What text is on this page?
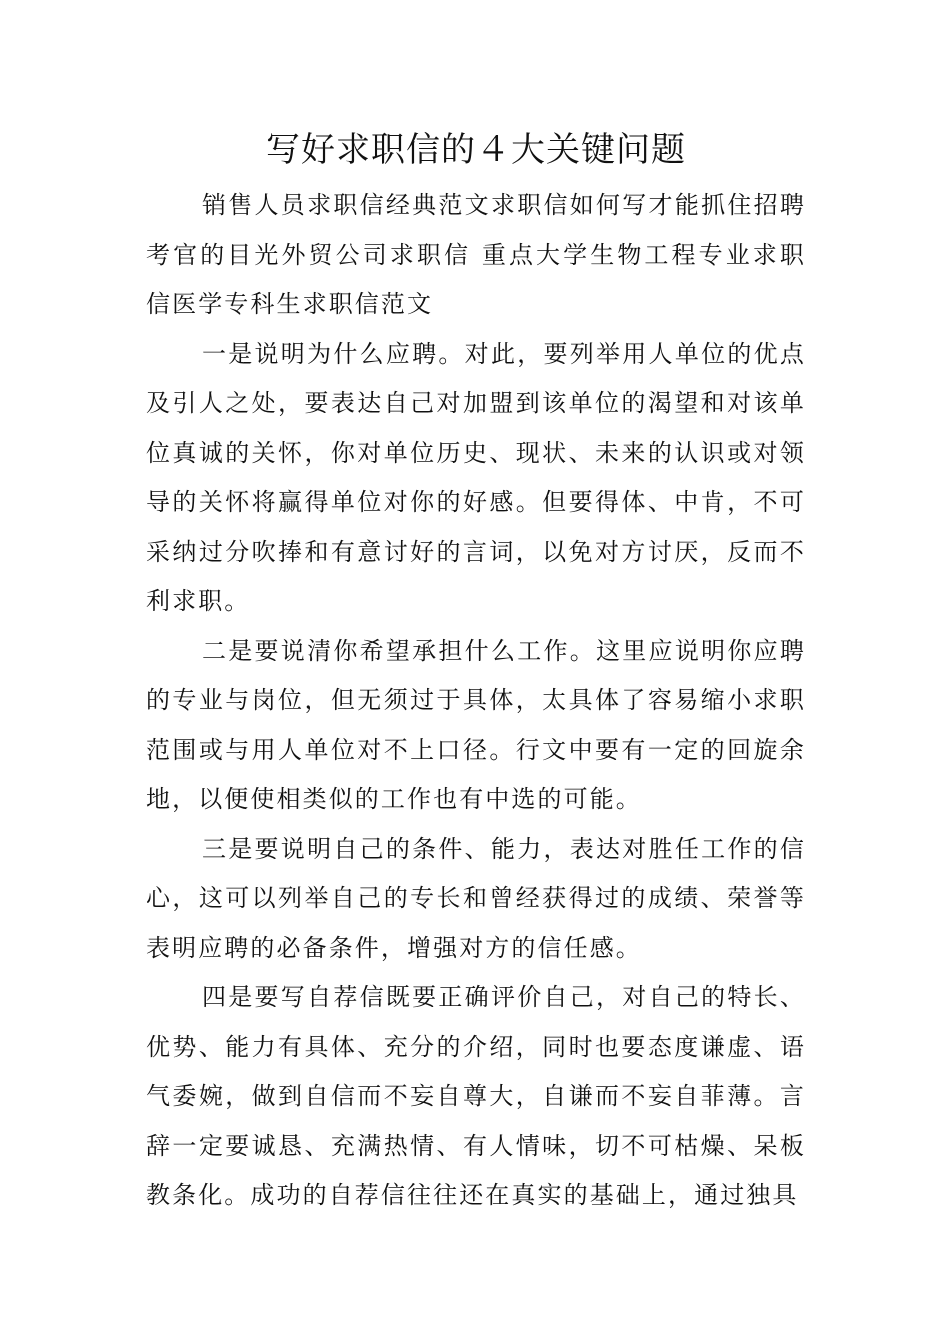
写好求职信的４大关键问题

销售人员求职信经典范文求职信如何写才能抓住招聘考官的目光外贸公司求职信 重点大学生物工程专业求职信医学专科生求职信范文

一是说明为什么应聘。对此，要列举用人单位的优点及引人之处，要表达自己对加盟到该单位的渴望和对该单位真诚的关怀，你对单位历史、现状、未来的认识或对领导的关怀将赢得单位对你的好感。但要得体、中肯，不可采纳过分吹捧和有意讨好的言词，以免对方讨厌，反而不利求职。

二是要说清你希望承担什么工作。这里应说明你应聘的专业与岗位，但无须过于具体，太具体了容易缩小求职范围或与用人单位对不上口径。行文中要有一定的回旋余地，以便使相类似的工作也有中选的可能。

三是要说明自己的条件、能力，表达对胜任工作的信心，这可以列举自己的专长和曾经获得过的成绩、荣誉等表明应聘的必备条件，增强对方的信任感。

四是要写自荐信既要正确评价自己，对自己的特长、优势、能力有具体、充分的介绍，同时也要态度谦虚、语气委婉，做到自信而不妄自尊大，自谦而不妄自菲薄。言辞一定要诚恳、充满热情、有人情味，切不可枯燥、呆板教条化。成功的自荐信往往还在真实的基础上，通过独具
